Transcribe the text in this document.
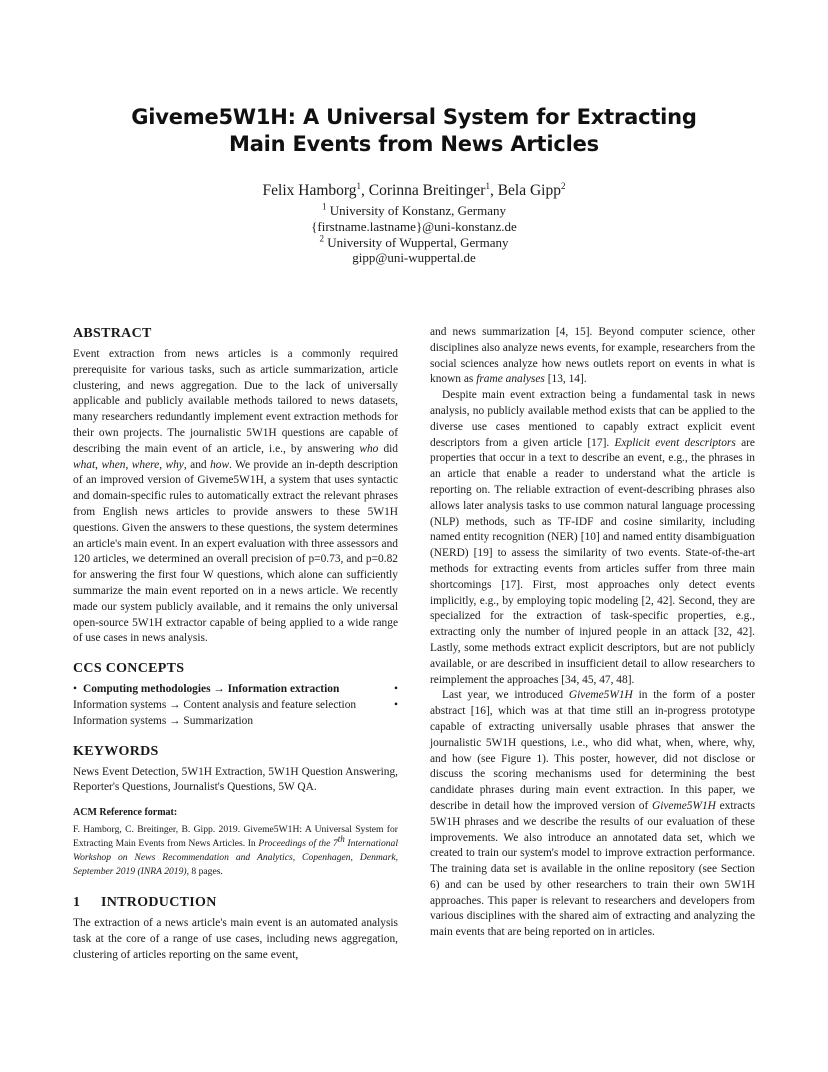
Giveme5W1H: A Universal System for Extracting
Main Events from News Articles
Felix Hamborg$^1$, Corinna Breitinger$^1$, Bela Gipp$^2$
$^1$ University of Konstanz, Germany
{firstname.lastname}@uni-konstanz.de
$^2$ University of Wuppertal, Germany
gipp@uni-wuppertal.de
ABSTRACT

Event extraction from news articles is a commonly required prerequisite for various tasks, such as article summarization, article clustering, and news aggregation. Due to the lack of universally applicable and publicly available methods tailored to news datasets, many researchers redundantly implement event extraction methods for their own projects. The journalistic 5W1H questions are capable of describing the main event of an article, i.e., by answering who did what, when, where, why, and how. We provide an in-depth description of an improved version of Giveme5W1H, a system that uses syntactic and domain-specific rules to automatically extract the relevant phrases from English news articles to provide answers to these 5W1H questions. Given the answers to these questions, the system determines an article's main event. In an expert evaluation with three assessors and 120 articles, we determined an overall precision of p=0.73, and p=0.82 for answering the first four W questions, which alone can sufficiently summarize the main event reported on in a news article. We recently made our system publicly available, and it remains the only universal open-source 5W1H extractor capable of being applied to a wide range of use cases in news analysis.

CCS CONCEPTS
• Computing methodologies → Information extraction	•
Information systems → Content analysis and feature selection	•
Information systems → Summarization
KEYWORDS

News Event Detection, 5W1H Extraction, 5W1H Question Answering, Reporter's Questions, Journalist's Questions, 5W QA.

ACM Reference format:

F. Hamborg, C. Breitinger, B. Gipp. 2019. Giveme5W1H: A Universal System for Extracting Main Events from News Articles. In Proceedings of the 7th International Workshop on News Recommendation and Analytics, Copenhagen, Denmark, September 2019 (INRA 2019), 8 pages.

1 INTRODUCTION

The extraction of a news article's main event is an automated analysis task at the core of a range of use cases, including news aggregation, clustering of articles reporting on the same event,

and news summarization [4, 15]. Beyond computer science, other disciplines also analyze news events, for example, researchers from the social sciences analyze how news outlets report on events in what is known as frame analyses [13, 14].

Despite main event extraction being a fundamental task in news analysis, no publicly available method exists that can be applied to the diverse use cases mentioned to capably extract explicit event descriptors from a given article [17]. Explicit event descriptors are properties that occur in a text to describe an event, e.g., the phrases in an article that enable a reader to understand what the article is reporting on. The reliable extraction of event-describing phrases also allows later analysis tasks to use common natural language processing (NLP) methods, such as TF-IDF and cosine similarity, including named entity recognition (NER) [10] and named entity disambiguation (NERD) [19] to assess the similarity of two events. State-of-the-art methods for extracting events from articles suffer from three main shortcomings [17]. First, most approaches only detect events implicitly, e.g., by employing topic modeling [2, 42]. Second, they are specialized for the extraction of task-specific properties, e.g., extracting only the number of injured people in an attack [32, 42]. Lastly, some methods extract explicit descriptors, but are not publicly available, or are described in insufficient detail to allow researchers to reimplement the approaches [34, 45, 47, 48].

Last year, we introduced Giveme5W1H in the form of a poster abstract [16], which was at that time still an in-progress prototype capable of extracting universally usable phrases that answer the journalistic 5W1H questions, i.e., who did what, when, where, why, and how (see Figure 1). This poster, however, did not disclose or discuss the scoring mechanisms used for determining the best candidate phrases during main event extraction. In this paper, we describe in detail how the improved version of Giveme5W1H extracts 5W1H phrases and we describe the results of our evaluation of these improvements. We also introduce an annotated data set, which we created to train our system's model to improve extraction performance. The training data set is available in the online repository (see Section 6) and can be used by other researchers to train their own 5W1H approaches. This paper is relevant to researchers and developers from various disciplines with the shared aim of extracting and analyzing the main events that are being reported on in articles.
